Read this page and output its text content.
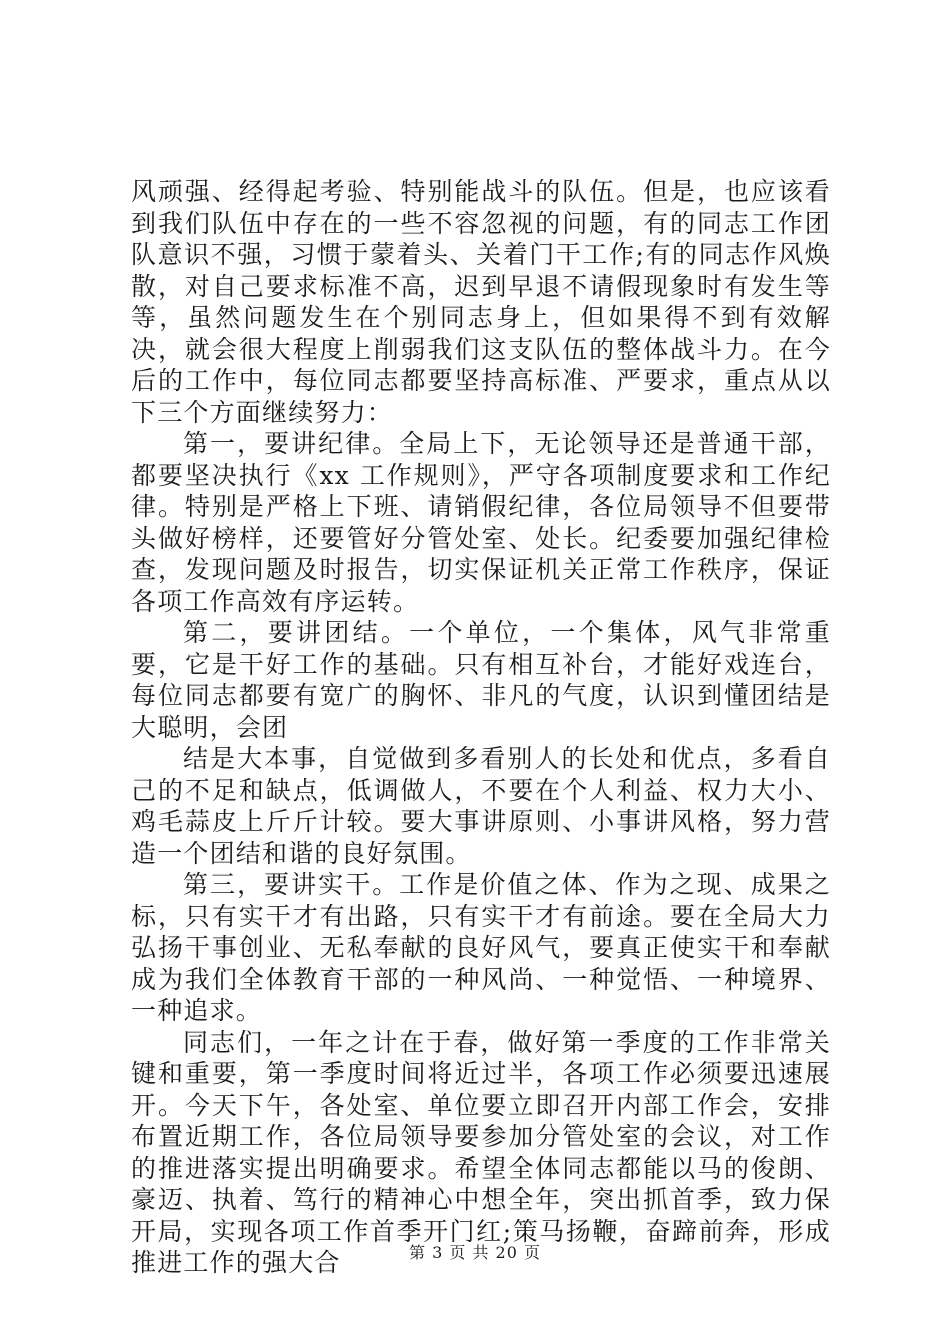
风顽强、经得起考验、特别能战斗的队伍。但是，也应该看到我们队伍中存在的一些不容忽视的问题，有的同志工作团队意识不强，习惯于蒙着头、关着门干工作;有的同志作风焕散，对自己要求标准不高，迟到早退不请假现象时有发生等等，虽然问题发生在个别同志身上，但如果得不到有效解决，就会很大程度上削弱我们这支队伍的整体战斗力。在今后的工作中，每位同志都要坚持高标准、严要求，重点从以下三个方面继续努力：

第一，要讲纪律。全局上下，无论领导还是普通干部，都要坚决执行《xx 工作规则》，严守各项制度要求和工作纪律。特别是严格上下班、请销假纪律，各位局领导不但要带头做好榜样，还要管好分管处室、处长。纪委要加强纪律检查，发现问题及时报告，切实保证机关正常工作秩序，保证各项工作高效有序运转。

第二，要讲团结。一个单位，一个集体，风气非常重要，它是干好工作的基础。只有相互补台，才能好戏连台，每位同志都要有宽广的胸怀、非凡的气度，认识到懂团结是大聪明，会团

结是大本事，自觉做到多看别人的长处和优点，多看自己的不足和缺点，低调做人，不要在个人利益、权力大小、鸡毛蒜皮上斤斤计较。要大事讲原则、小事讲风格，努力营造一个团结和谐的良好氛围。

第三，要讲实干。工作是价值之体、作为之现、成果之标，只有实干才有出路，只有实干才有前途。要在全局大力弘扬干事创业、无私奉献的良好风气，要真正使实干和奉献成为我们全体教育干部的一种风尚、一种觉悟、一种境界、一种追求。

同志们，一年之计在于春，做好第一季度的工作非常关键和重要，第一季度时间将近过半，各项工作必须要迅速展开。今天下午，各处室、单位要立即召开内部工作会，安排布置近期工作，各位局领导要参加分管处室的会议，对工作的推进落实提出明确要求。希望全体同志都能以马的俊朗、豪迈、执着、笃行的精神心中想全年，突出抓首季，致力保开局，实现各项工作首季开门红;策马扬鞭，奋蹄前奔，形成推进工作的强大合	第 3 页 共 20 页
